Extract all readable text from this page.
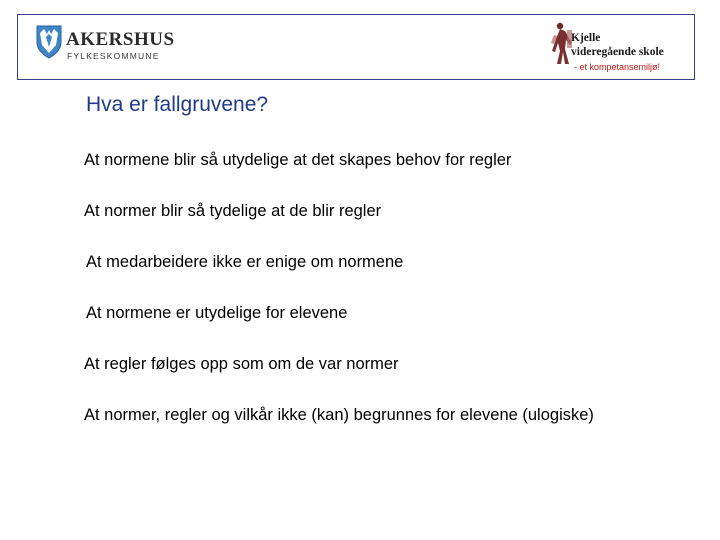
AKERSHUS
FYLKESKOMMUNE
Kjelle
videregående skole
- et kompetansemiljø!
Hva er fallgruvene?
At normene blir så utydelige at det skapes behov for regler
At normer blir så tydelige at de blir regler
At medarbeidere ikke er enige om normene
At normene er utydelige for elevene
At regler følges opp som om de var normer
At normer, regler og vilkår ikke (kan) begrunnes for elevene (ulogiske)
